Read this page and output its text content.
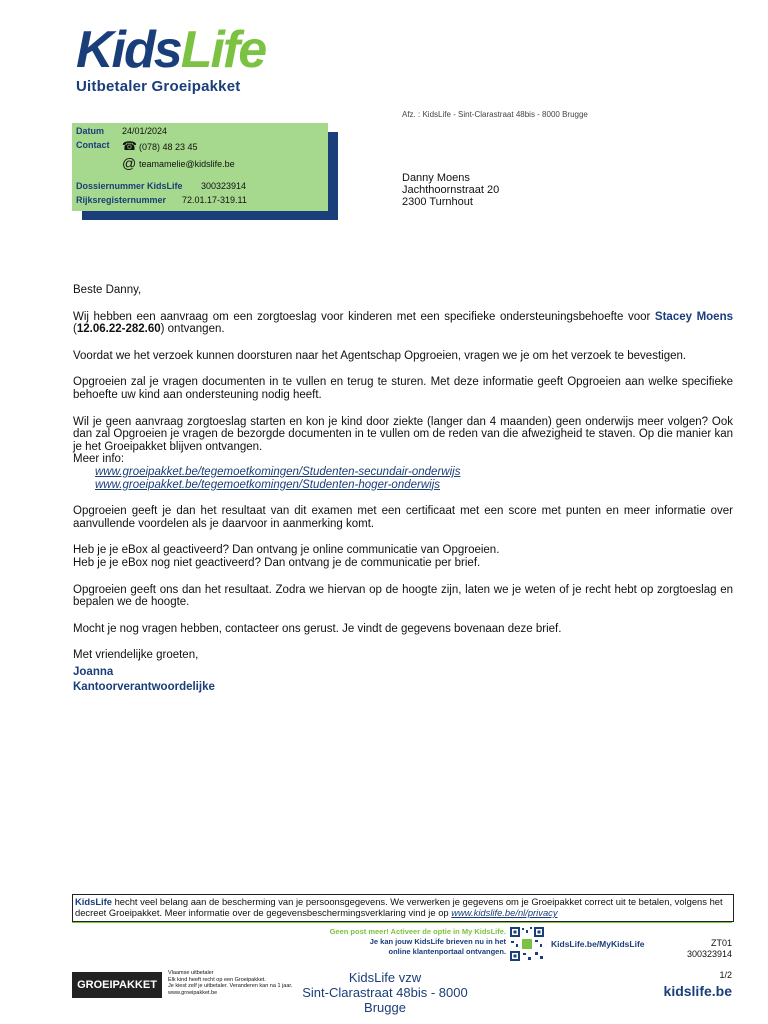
KidsLife
Uitbetaler Groeipakket
Afz. : KidsLife - Sint-Clarastraat 48bis - 8000 Brugge
Datum 24/01/2024
Contact ☎ (078) 48 23 45
@ teamamelie@kidslife.be
Dossiernummer KidsLife 300323914
Rijksregisternummer 72.01.17-319.11
Danny Moens
Jachthoornstraat 20
2300 Turnhout

Beste Danny,

Wij hebben een aanvraag om een zorgtoeslag voor kinderen met een specifieke ondersteuningsbehoefte voor Stacey Moens (12.06.22-282.60) ontvangen.

Voordat we het verzoek kunnen doorsturen naar het Agentschap Opgroeien, vragen we je om het verzoek te bevestigen.

Opgroeien zal je vragen documenten in te vullen en terug te sturen. Met deze informatie geeft Opgroeien aan welke specifieke behoefte uw kind aan ondersteuning nodig heeft.

Wil je geen aanvraag zorgtoeslag starten en kon je kind door ziekte (langer dan 4 maanden) geen onderwijs meer volgen? Ook dan zal Opgroeien je vragen de bezorgde documenten in te vullen om de reden van die afwezigheid te staven. Op die manier kan je het Groeipakket blijven ontvangen.
Meer info:

www.groeipakket.be/tegemoetkomingen/Studenten-secundair-onderwijs
www.groeipakket.be/tegemoetkomingen/Studenten-hoger-onderwijs

Opgroeien geeft je dan het resultaat van dit examen met een certificaat met een score met punten en meer informatie over aanvullende voordelen als je daarvoor in aanmerking komt.

Heb je je eBox al geactiveerd? Dan ontvang je online communicatie van Opgroeien.
Heb je je eBox nog niet geactiveerd? Dan ontvang je de communicatie per brief.

Opgroeien geeft ons dan het resultaat. Zodra we hiervan op de hoogte zijn, laten we je weten of je recht hebt op zorgtoeslag en bepalen we de hoogte.

Mocht je nog vragen hebben, contacteer ons gerust. Je vindt de gegevens bovenaan deze brief.

Met vriendelijke groeten,

Joanna
Kantoorverantwoordelijke
KidsLife hecht veel belang aan de bescherming van je persoonsgegevens. We verwerken je gegevens om je Groeipakket correct uit te betalen, volgens het decreet Groeipakket. Meer informatie over de gegevensbeschermingsverklaring vind je op www.kidslife.be/nl/privacy
Geen post meer! Activeer de optie in My KidsLife.
Je kan jouw KidsLife brieven nu in het
online klantenportaal ontvangen.
KidsLife.be/MyKidsLife	ZT01
300323914
GROEIPAKKET
Vlaamse uitbetaler
Elk kind heeft recht op een Groeipakket.
Je kiest zelf je uitbetaler. Veranderen kan na 1 jaar.
www.groeipakket.be
KidsLife vzw
Sint-Clarastraat 48bis - 8000 Brugge
1/2
kidslife.be
